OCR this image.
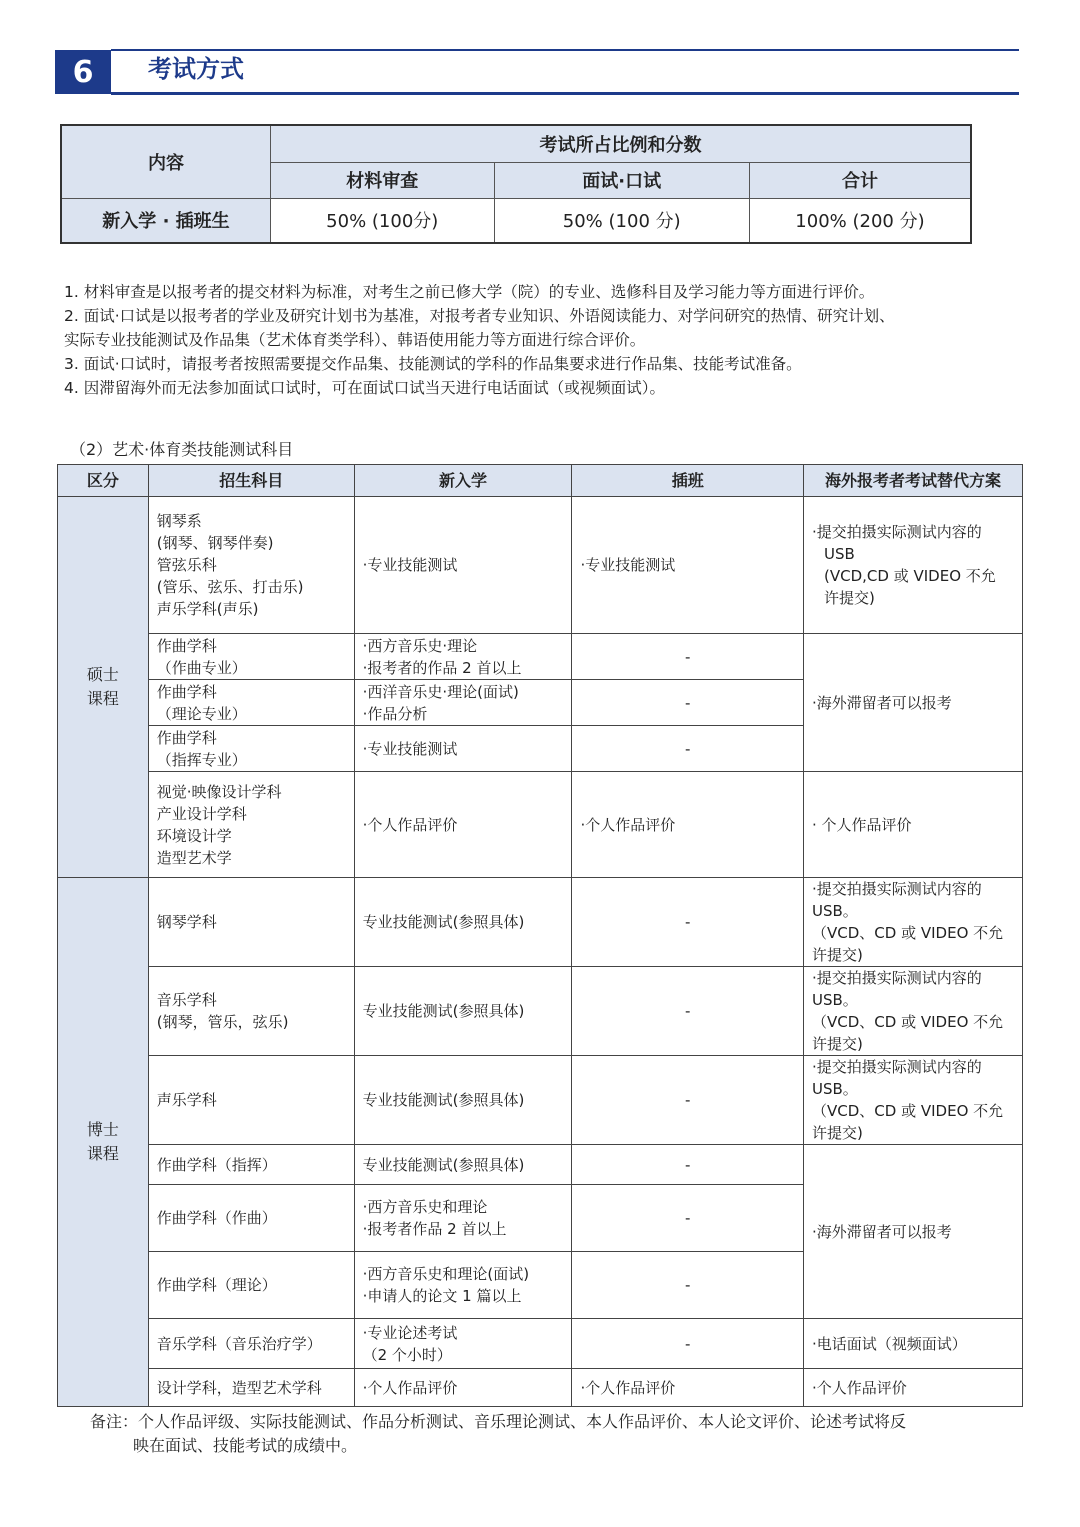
6	考试方式
内容	考试所占比例和分数		
	材料审查	面试·口试	合计
新入学 · 插班生	50% (100分)	50% (100 分)	100% (200 分)

1. 材料审查是以报考者的提交材料为标准，对考生之前已修大学（院）的专业、选修科目及学习能力等方面进行评价。

2. 面试·口试是以报考者的学业及研究计划书为基准，对报考者专业知识、外语阅读能力、对学问研究的热情、研究计划、

实际专业技能测试及作品集（艺术体育类学科）、韩语使用能力等方面进行综合评价。

3. 面试·口试时，请报考者按照需要提交作品集、技能测试的学科的作品集要求进行作品集、技能考试准备。

4. 因滞留海外而无法参加面试口试时，可在面试口试当天进行电话面试（或视频面试）。

（2）艺术·体育类技能测试科目
区分	招生科目	新入学	插班	海外报考者考试替代方案

硕士
课程	钢琴系
(钢琴、钢琴伴奏)
管弦乐科
(管乐、弦乐、打击乐)
声乐学科(声乐)	·专业技能测试	·专业技能测试	·提交拍摄实际测试内容的
USB
(VCD,CD 或 VIDEO 不允
许提交)

	作曲学科
（作曲专业）	·西方音乐史·理论
·报考者的作品 2 首以上	-	·海外滞留者可以报考

	作曲学科
（理论专业）	·西洋音乐史·理论(面试)
·作品分析	-	

	作曲学科
（指挥专业）	·专业技能测试	-	

	视觉·映像设计学科
产业设计学科
环境设计学
造型艺术学	·个人作品评价	·个人作品评价	· 个人作品评价

博士
课程	钢琴学科	专业技能测试(参照具体)	-	·提交拍摄实际测试内容的
USB。
（VCD、CD 或 VIDEO 不允
许提交)

	音乐学科
(钢琴，管乐，弦乐)	专业技能测试(参照具体)	-	·提交拍摄实际测试内容的
USB。
（VCD、CD 或 VIDEO 不允
许提交)

	声乐学科	专业技能测试(参照具体)	-	·提交拍摄实际测试内容的
USB。
（VCD、CD 或 VIDEO 不允
许提交)

	作曲学科（指挥）	专业技能测试(参照具体)	-	·海外滞留者可以报考
	作曲学科（作曲）	·西方音乐史和理论
·报考者作品 2 首以上	-	
	作曲学科（理论）	·西方音乐史和理论(面试)
·申请人的论文 1 篇以上	-	
	音乐学科（音乐治疗学）	·专业论述考试
（2 个小时）	-	·电话面试（视频面试）
	设计学科，造型艺术学科	·个人作品评价	·个人作品评价	·个人作品评价
备注：个人作品评级、实际技能测试、作品分析测试、音乐理论测试、本人作品评价、本人论文评价、论述考试将反
映在面试、技能考试的成绩中。
